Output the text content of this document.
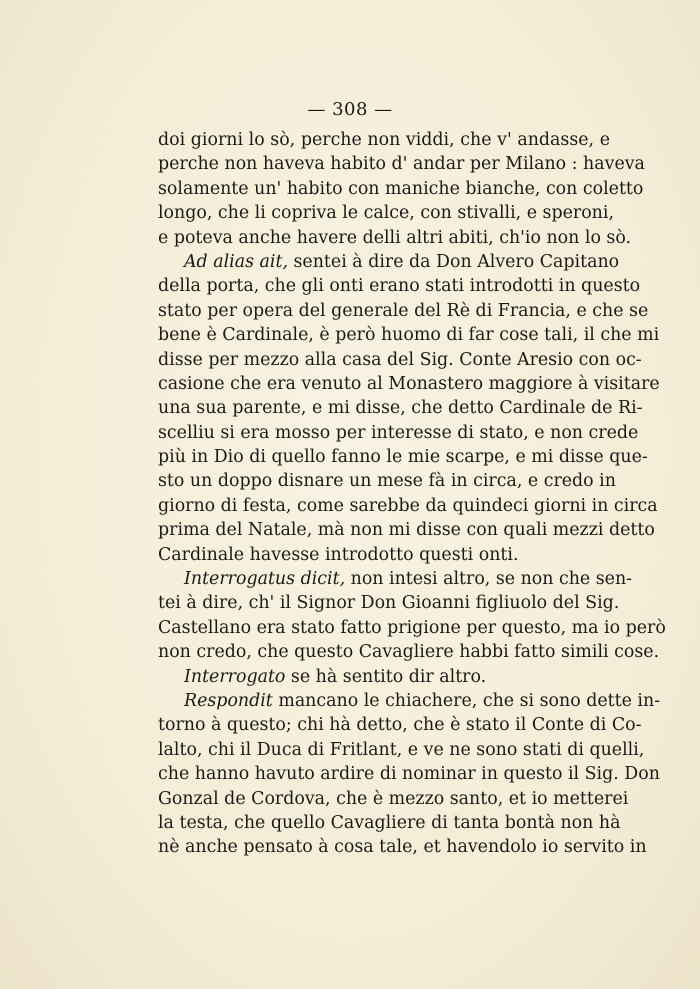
— 308 —
doi giorni lo sò, perche non viddi, che v' andasse, e
perche non haveva habito d' andar per Milano : haveva
solamente un' habito con maniche bianche, con coletto
longo, che li copriva le calce, con stivalli, e speroni,
e poteva anche havere delli altri abiti, ch'io non lo sò.
Ad alias ait, sentei à dire da Don Alvero Capitano
della porta, che gli onti erano stati introdotti in questo
stato per opera del generale del Rè di Francia, e che se
bene è Cardinale, è però huomo di far cose tali, il che mi
disse per mezzo alla casa del Sig. Conte Aresio con oc-
casione che era venuto al Monastero maggiore à visitare
una sua parente, e mi disse, che detto Cardinale de Ri-
scelliu si era mosso per interesse di stato, e non crede
più in Dio di quello fanno le mie scarpe, e mi disse que-
sto un doppo disnare un mese fà in circa, e credo in
giorno di festa, come sarebbe da quindeci giorni in circa
prima del Natale, mà non mi disse con quali mezzi detto
Cardinale havesse introdotto questi onti.
Interrogatus dicit, non intesi altro, se non che sen-
tei à dire, ch' il Signor Don Gioanni figliuolo del Sig.
Castellano era stato fatto prigione per questo, ma io però
non credo, che questo Cavagliere habbi fatto simili cose.
Interrogato se hà sentito dir altro.
Respondit mancano le chiachere, che si sono dette in-
torno à questo; chi hà detto, che è stato il Conte di Co-
lalto, chi il Duca di Fritlant, e ve ne sono stati di quelli,
che hanno havuto ardire di nominar in questo il Sig. Don
Gonzal de Cordova, che è mezzo santo, et io metterei
la testa, che quello Cavagliere di tanta bontà non hà
nè anche pensato à cosa tale, et havendolo io servito in
